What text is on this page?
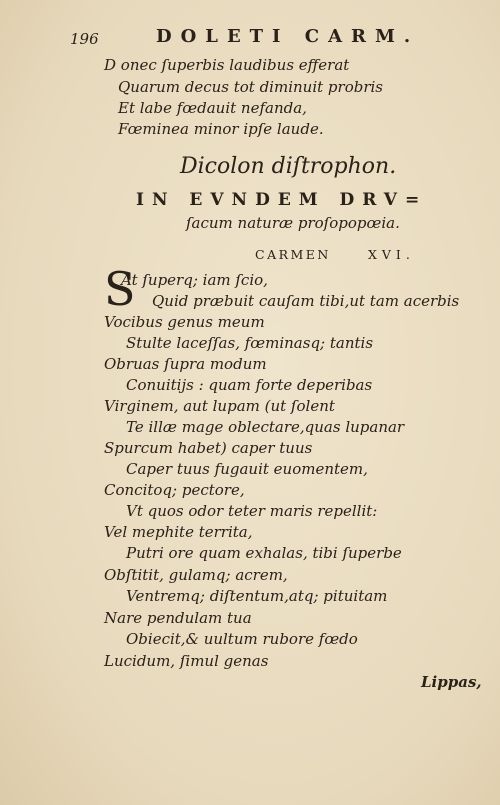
196	DOLETI CARM.
D onec ſuperbis laudibus efferat
Quarum decus tot diminuit probris
Et labe fœdauit nefanda,
Fœminea minor ipſe laude.
Dicolon diſtrophon.
IN EVNDEM DRV=
ſacum naturæ proſopopœia.
CARMEN	XVI.
S
At ſuperq; iam ſcio,
Quid præbuit cauſam tibi,ut tam acerbis
Vocibus genus meum
Stulte laceſſas, fœminasq; tantis
Obruas ſupra modum
Conuitijs : quam forte deperibas
Virginem, aut lupam (ut ſolent
Te illæ mage oblectare,quas lupanar
Spurcum habet) caper tuus
Caper tuus fugauit euomentem,
Concitoq; pectore,
Vt quos odor teter maris repellit:
Vel mephite territa,
Putri ore quam exhalas, tibi ſuperbe
Obſtitit, gulamq; acrem,
Ventremq; diſtentum,atq; pituitam
Nare pendulam tua
Obiecit,& uultum rubore fœdo
Lucidum, ſimul genas
Lippas,
